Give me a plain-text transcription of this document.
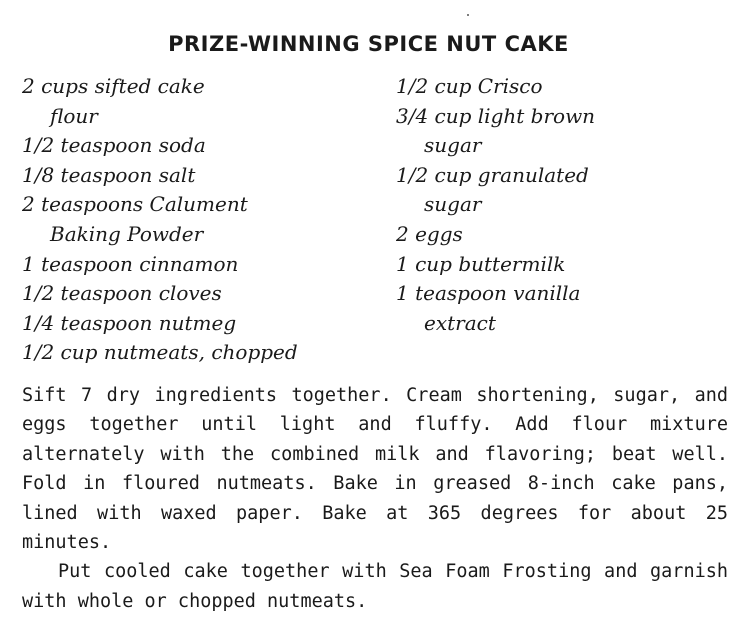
PRIZE-WINNING SPICE NUT CAKE
2 cups sifted cake
flour
1/2 teaspoon soda
1/8 teaspoon salt
2 teaspoons Calument
Baking Powder
1 teaspoon cinnamon
1/2 teaspoon cloves
1/4 teaspoon nutmeg
1/2 cup nutmeats, chopped
1/2 cup Crisco
3/4 cup light brown
sugar
1/2 cup granulated
sugar
2 eggs
1 cup buttermilk
1 teaspoon vanilla
extract

Sift 7 dry ingredients together. Cream shortening, sugar, and eggs together until light and fluffy. Add flour mixture alternately with the combined milk and flavoring; beat well. Fold in floured nutmeats. Bake in greased 8-inch cake pans, lined with waxed paper. Bake at 365 degrees for about 25 minutes.

Put cooled cake together with Sea Foam Frosting and garnish with whole or chopped nutmeats.
